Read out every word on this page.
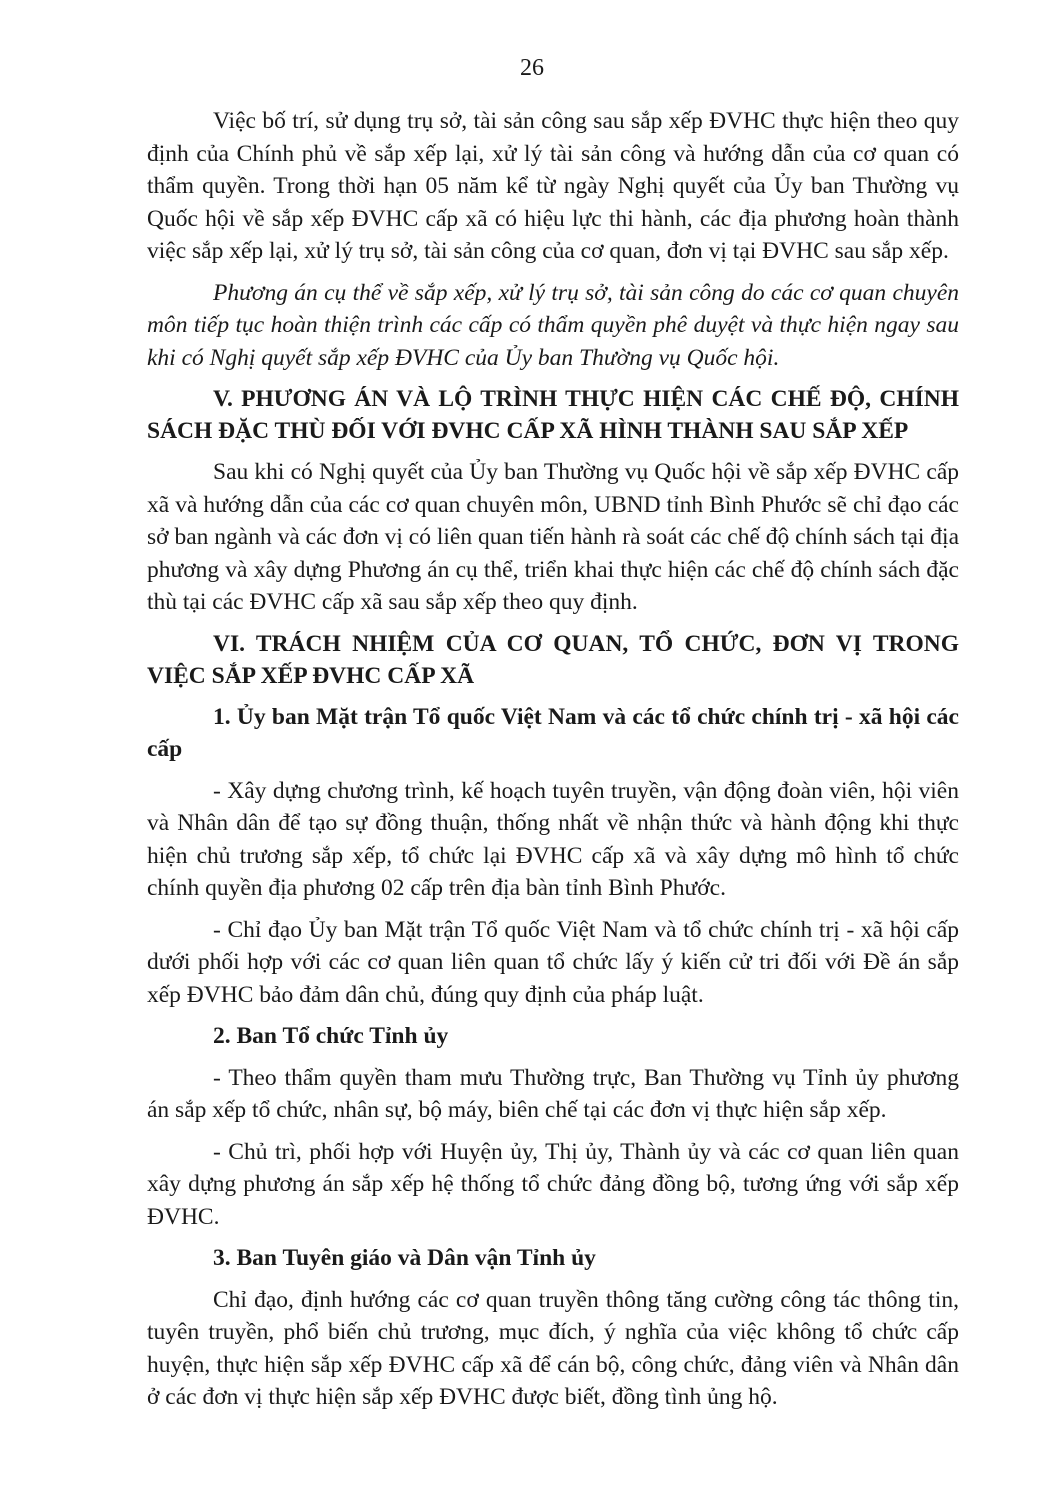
26

Việc bố trí, sử dụng trụ sở, tài sản công sau sắp xếp ĐVHC thực hiện theo quy định của Chính phủ về sắp xếp lại, xử lý tài sản công và hướng dẫn của cơ quan có thẩm quyền. Trong thời hạn 05 năm kể từ ngày Nghị quyết của Ủy ban Thường vụ Quốc hội về sắp xếp ĐVHC cấp xã có hiệu lực thi hành, các địa phương hoàn thành việc sắp xếp lại, xử lý trụ sở, tài sản công của cơ quan, đơn vị tại ĐVHC sau sắp xếp.

Phương án cụ thể về sắp xếp, xử lý trụ sở, tài sản công do các cơ quan chuyên môn tiếp tục hoàn thiện trình các cấp có thẩm quyền phê duyệt và thực hiện ngay sau khi có Nghị quyết sắp xếp ĐVHC của Ủy ban Thường vụ Quốc hội.

V. PHƯƠNG ÁN VÀ LỘ TRÌNH THỰC HIỆN CÁC CHẾ ĐỘ, CHÍNH SÁCH ĐẶC THÙ ĐỐI VỚI ĐVHC CẤP XÃ HÌNH THÀNH SAU SẮP XẾP

Sau khi có Nghị quyết của Ủy ban Thường vụ Quốc hội về sắp xếp ĐVHC cấp xã và hướng dẫn của các cơ quan chuyên môn, UBND tỉnh Bình Phước sẽ chỉ đạo các sở ban ngành và các đơn vị có liên quan tiến hành rà soát các chế độ chính sách tại địa phương và xây dựng Phương án cụ thể, triển khai thực hiện các chế độ chính sách đặc thù tại các ĐVHC cấp xã sau sắp xếp theo quy định.

VI. TRÁCH NHIỆM CỦA CƠ QUAN, TỔ CHỨC, ĐƠN VỊ TRONG VIỆC SẮP XẾP ĐVHC CẤP XÃ

1. Ủy ban Mặt trận Tổ quốc Việt Nam và các tổ chức chính trị - xã hội các cấp

- Xây dựng chương trình, kế hoạch tuyên truyền, vận động đoàn viên, hội viên và Nhân dân để tạo sự đồng thuận, thống nhất về nhận thức và hành động khi thực hiện chủ trương sắp xếp, tổ chức lại ĐVHC cấp xã và xây dựng mô hình tổ chức chính quyền địa phương 02 cấp trên địa bàn tỉnh Bình Phước.

- Chỉ đạo Ủy ban Mặt trận Tổ quốc Việt Nam và tổ chức chính trị - xã hội cấp dưới phối hợp với các cơ quan liên quan tổ chức lấy ý kiến cử tri đối với Đề án sắp xếp ĐVHC bảo đảm dân chủ, đúng quy định của pháp luật.

2. Ban Tổ chức Tỉnh ủy

- Theo thẩm quyền tham mưu Thường trực, Ban Thường vụ Tỉnh ủy phương án sắp xếp tổ chức, nhân sự, bộ máy, biên chế tại các đơn vị thực hiện sắp xếp.

- Chủ trì, phối hợp với Huyện ủy, Thị ủy, Thành ủy và các cơ quan liên quan xây dựng phương án sắp xếp hệ thống tổ chức đảng đồng bộ, tương ứng với sắp xếp ĐVHC.

3. Ban Tuyên giáo và Dân vận Tỉnh ủy

Chỉ đạo, định hướng các cơ quan truyền thông tăng cường công tác thông tin, tuyên truyền, phổ biến chủ trương, mục đích, ý nghĩa của việc không tổ chức cấp huyện, thực hiện sắp xếp ĐVHC cấp xã để cán bộ, công chức, đảng viên và Nhân dân ở các đơn vị thực hiện sắp xếp ĐVHC được biết, đồng tình ủng hộ.
